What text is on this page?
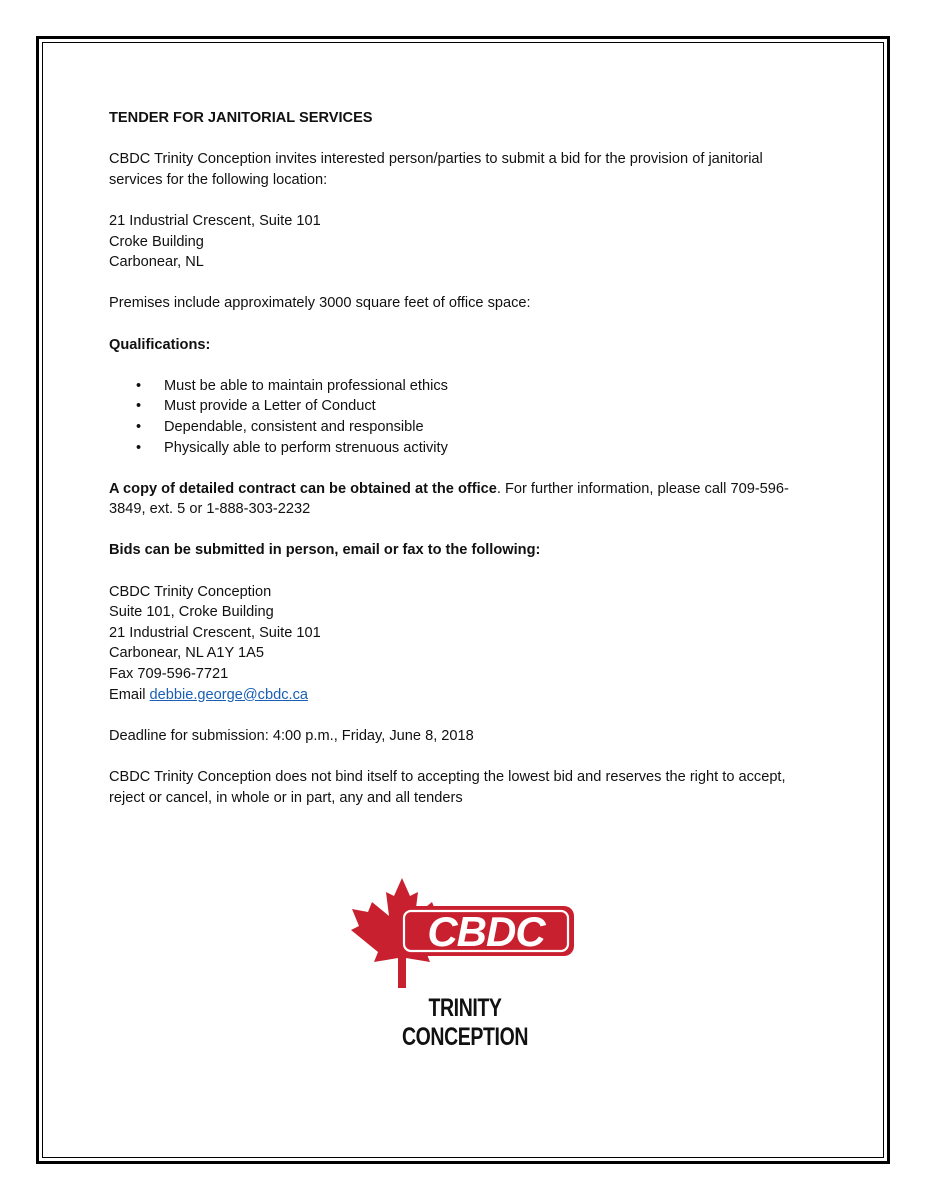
TENDER FOR JANITORIAL SERVICES

CBDC Trinity Conception invites interested person/parties to submit a bid for the provision of janitorial services for the following location:

21 Industrial Crescent, Suite 101
Croke Building
Carbonear, NL

Premises include approximately 3000 square feet of office space:

Qualifications:

• Must be able to maintain professional ethics
• Must provide a Letter of Conduct
• Dependable, consistent and responsible
• Physically able to perform strenuous activity

A copy of detailed contract can be obtained at the office. For further information, please call 709-596-3849, ext. 5 or 1-888-303-2232

Bids can be submitted in person, email or fax to the following:

CBDC Trinity Conception
Suite 101, Croke Building
21 Industrial Crescent, Suite 101
Carbonear, NL A1Y 1A5
Fax 709-596-7721
Email debbie.george@cbdc.ca

Deadline for submission: 4:00 p.m., Friday, June 8, 2018

CBDC Trinity Conception does not bind itself to accepting the lowest bid and reserves the right to accept, reject or cancel, in whole or in part, any and all tenders

CBDC
TRINITY CONCEPTION
